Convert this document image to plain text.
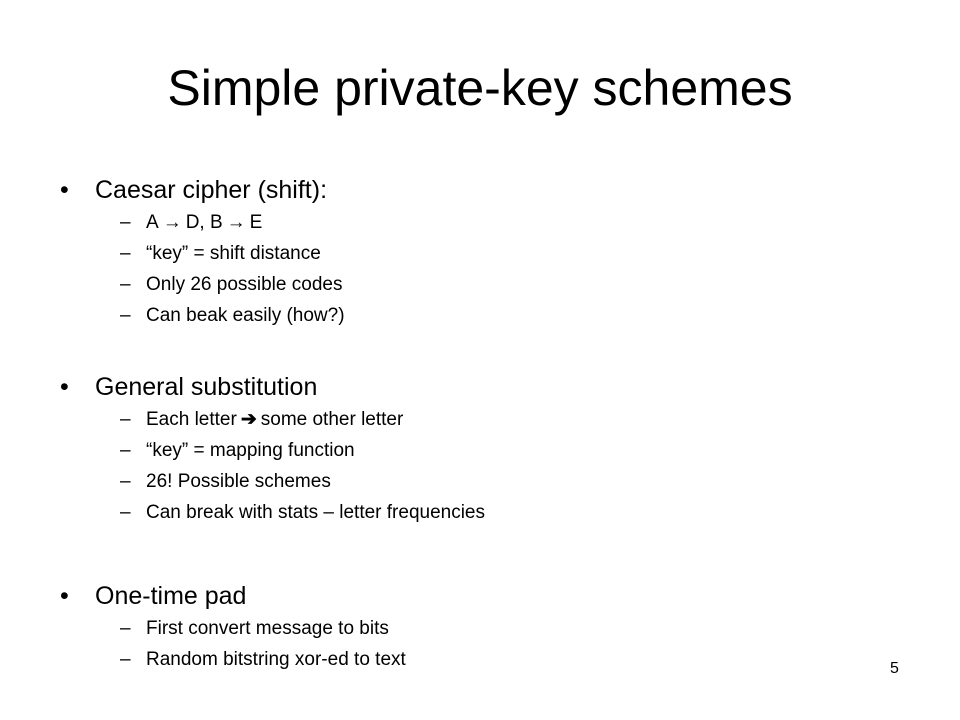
Simple private-key schemes
• Caesar cipher (shift):
– A → D, B → E
– “key” = shift distance
– Only 26 possible codes
– Can beak easily (how?)
• General substitution
– Each letter ➔ some other letter
– “key” = mapping function
– 26! Possible schemes
– Can break with stats – letter frequencies
• One-time pad
– First convert message to bits
– Random bitstring xor-ed to text	5
